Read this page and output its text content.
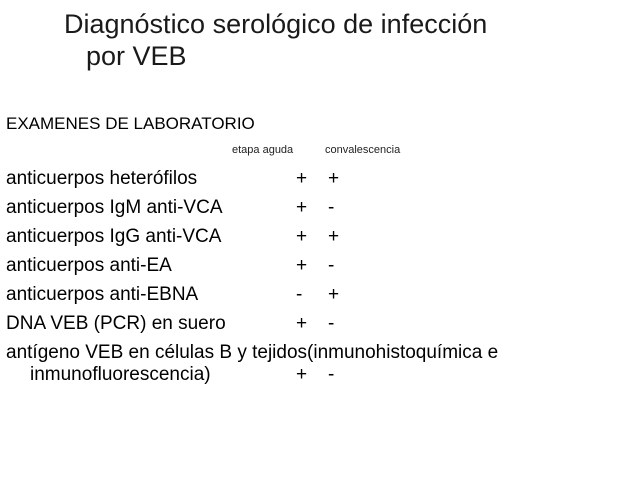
Diagnóstico serológico de infección
por VEB
EXAMENES DE LABORATORIO
etapa aguda	convalescencia
anticuerpos heterófilos	+ +
anticuerpos IgM anti-VCA	+ -
anticuerpos IgG anti-VCA	+ +
anticuerpos anti-EA	+ -
anticuerpos anti-EBNA	- +
DNA VEB (PCR) en suero	+ -
antígeno VEB en células B y tejidos(inmunohistoquímica e
inmunofluorescencia)	+ -
